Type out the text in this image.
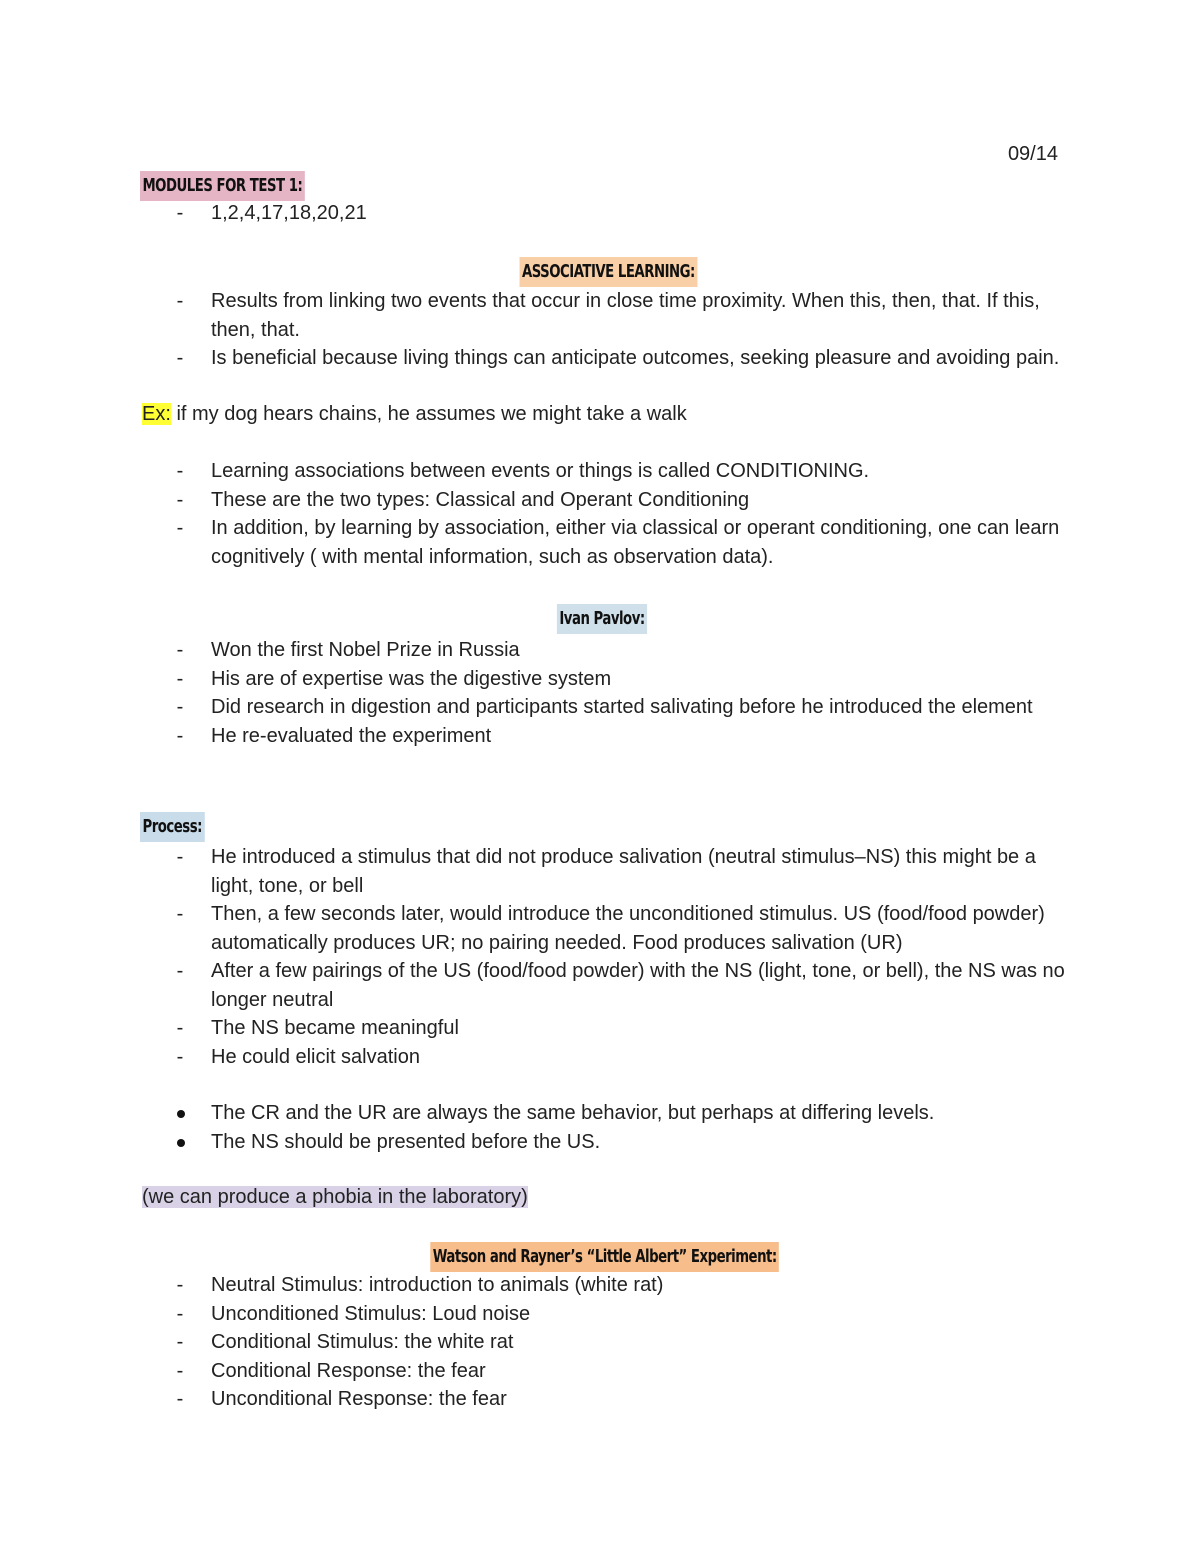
09/14
MODULES FOR TEST 1:
- 1,2,4,17,18,20,21
ASSOCIATIVE LEARNING:
- Results from linking two events that occur in close time proximity. When this, then, that. If this, then, that.
- Is beneficial because living things can anticipate outcomes, seeking pleasure and avoiding pain.
Ex: if my dog hears chains, he assumes we might take a walk
- Learning associations between events or things is called CONDITIONING.
- These are the two types: Classical and Operant Conditioning
- In addition, by learning by association, either via classical or operant conditioning, one can learn cognitively ( with mental information, such as observation data).
Ivan Pavlov:
- Won the first Nobel Prize in Russia
- His are of expertise was the digestive system
- Did research in digestion and participants started salivating before he introduced the element
- He re-evaluated the experiment
Process:
- He introduced a stimulus that did not produce salivation (neutral stimulus–NS) this might be a light, tone, or bell
- Then, a few seconds later, would introduce the unconditioned stimulus. US (food/food powder) automatically produces UR; no pairing needed. Food produces salivation (UR)
- After a few pairings of the US (food/food powder) with the NS (light, tone, or bell), the NS was no longer neutral
- The NS became meaningful
- He could elicit salvation
The CR and the UR are always the same behavior, but perhaps at differing levels.
The NS should be presented before the US.
(we can produce a phobia in the laboratory)
Watson and Rayner’s “Little Albert” Experiment:
- Neutral Stimulus: introduction to animals (white rat)
- Unconditioned Stimulus: Loud noise
- Conditional Stimulus: the white rat
- Conditional Response: the fear
- Unconditional Response: the fear
